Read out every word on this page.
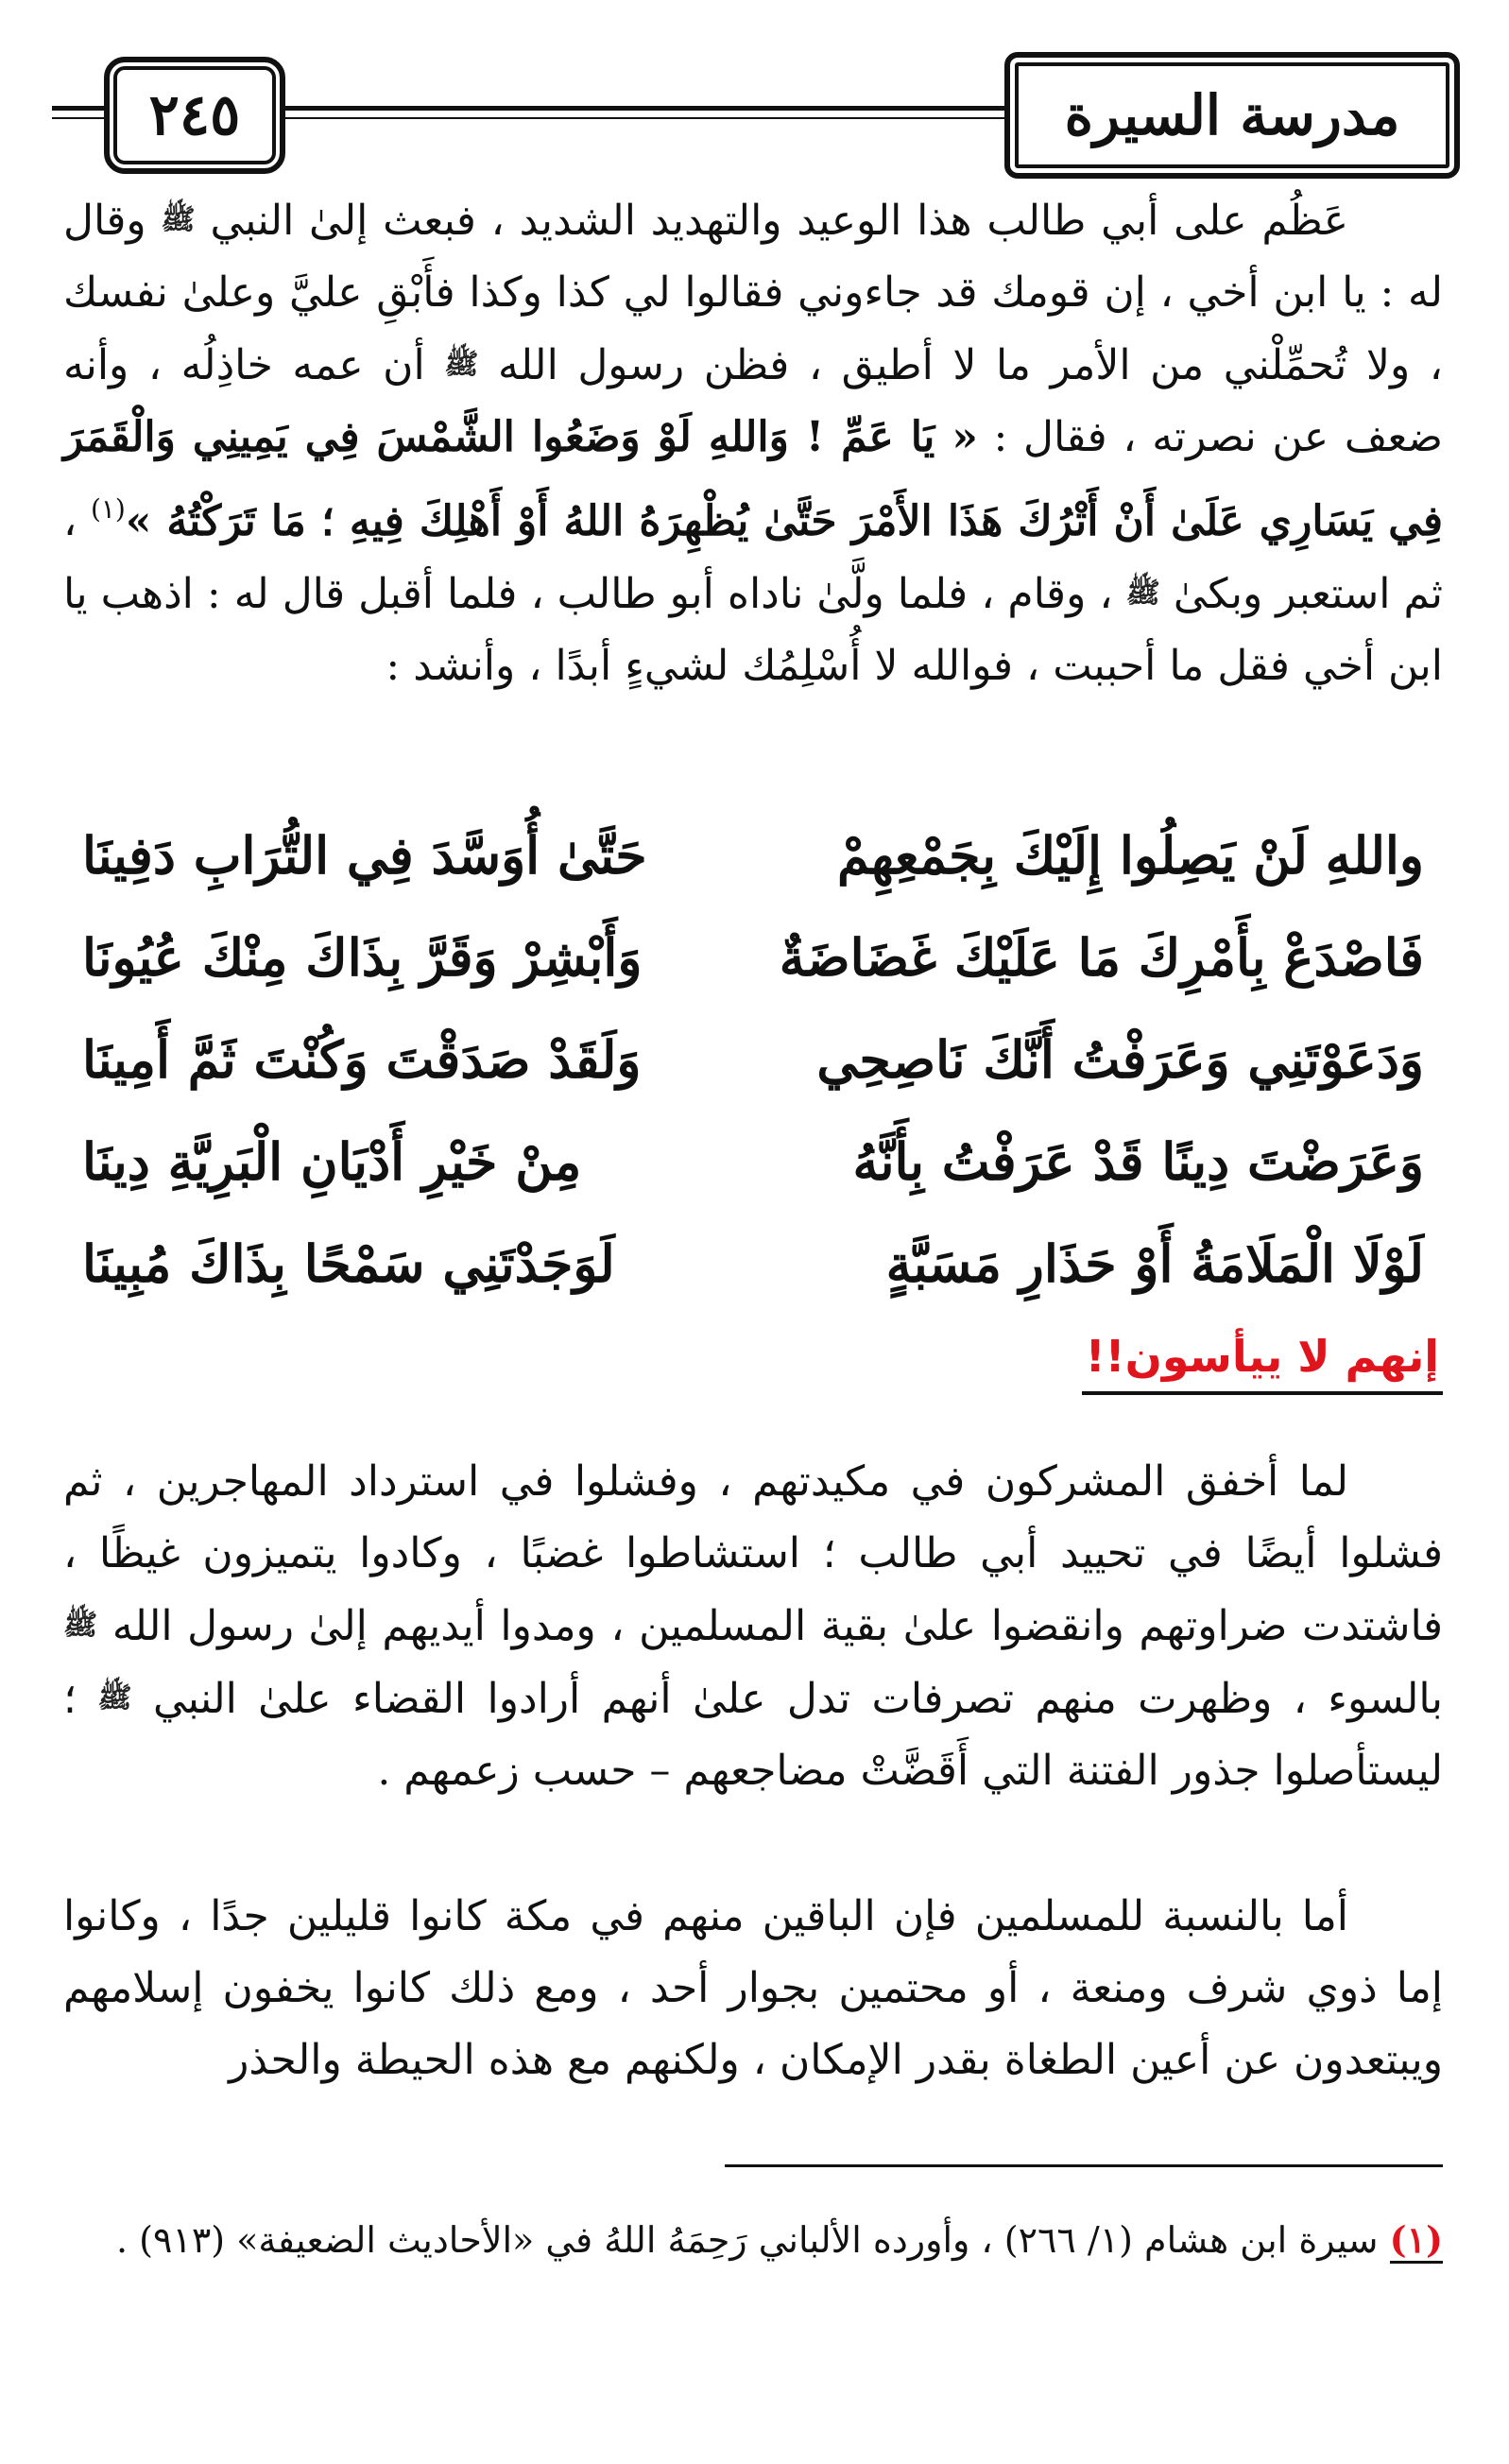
٢٤٥	مدرسة السيرة

عَظُم على أبي طالب هذا الوعيد والتهديد الشديد ، فبعث إلىٰ النبي ﷺ وقال له : يا ابن أخي ، إن قومك قد جاءوني فقالوا لي كذا وكذا فأَبْقِ عليَّ وعلىٰ نفسك ، ولا تُحمِّلْني من الأمر ما لا أطيق ، فظن رسول الله ﷺ أن عمه خاذِلُه ، وأنه ضعف عن نصرته ، فقال : « يَا عَمِّ ! وَاللهِ لَوْ وَضَعُوا الشَّمْسَ فِي يَمِينِي وَالْقَمَرَ فِي يَسَارِي عَلَىٰ أَنْ أَتْرُكَ هَذَا الأَمْرَ حَتَّىٰ يُظْهِرَهُ اللهُ أَوْ أَهْلِكَ فِيهِ ؛ مَا تَرَكْتُهُ »$^{(١)}$ ، ثم استعبر وبكىٰ ﷺ ، وقام ، فلما ولَّىٰ ناداه أبو طالب ، فلما أقبل قال له : اذهب يا ابن أخي فقل ما أحببت ، فوالله لا أُسْلِمُك لشيءٍ أبدًا ، وأنشد :

واللهِ لَنْ يَصِلُوا إِلَيْكَ بِجَمْعِهِمْ
حَتَّىٰ أُوَسَّدَ فِي التُّرَابِ دَفِينَا
فَاصْدَعْ بِأَمْرِكَ مَا عَلَيْكَ غَضَاضَةٌ
وَأَبْشِرْ وَقَرَّ بِذَاكَ مِنْكَ عُيُونَا
وَدَعَوْتَنِي وَعَرَفْتُ أَنَّكَ نَاصِحِي
وَلَقَدْ صَدَقْتَ وَكُنْتَ ثَمَّ أَمِينَا
وَعَرَضْتَ دِينًا قَدْ عَرَفْتُ بِأَنَّهُ
مِنْ خَيْرِ أَدْيَانِ الْبَرِيَّةِ دِينَا
لَوْلَا الْمَلَامَةُ أَوْ حَذَارِ مَسَبَّةٍ
لَوَجَدْتَنِي سَمْحًا بِذَاكَ مُبِينَا
إنهم لا ييأسون!!

لما أخفق المشركون في مكيدتهم ، وفشلوا في استرداد المهاجرين ، ثم فشلوا أيضًا في تحييد أبي طالب ؛ استشاطوا غضبًا ، وكادوا يتميزون غيظًا ، فاشتدت ضراوتهم وانقضوا علىٰ بقية المسلمين ، ومدوا أيديهم إلىٰ رسول الله ﷺ بالسوء ، وظهرت منهم تصرفات تدل علىٰ أنهم أرادوا القضاء علىٰ النبي ﷺ ؛ ليستأصلوا جذور الفتنة التي أَقَضَّتْ مضاجعهم – حسب زعمهم .

أما بالنسبة للمسلمين فإن الباقين منهم في مكة كانوا قليلين جدًا ، وكانوا إما ذوي شرف ومنعة ، أو محتمين بجوار أحد ، ومع ذلك كانوا يخفون إسلامهم ويبتعدون عن أعين الطغاة بقدر الإمكان ، ولكنهم مع هذه الحيطة والحذر

(١) سيرة ابن هشام (١/ ٢٦٦) ، وأورده الألباني رَحِمَهُ اللهُ في «الأحاديث الضعيفة» (٩١٣) .
